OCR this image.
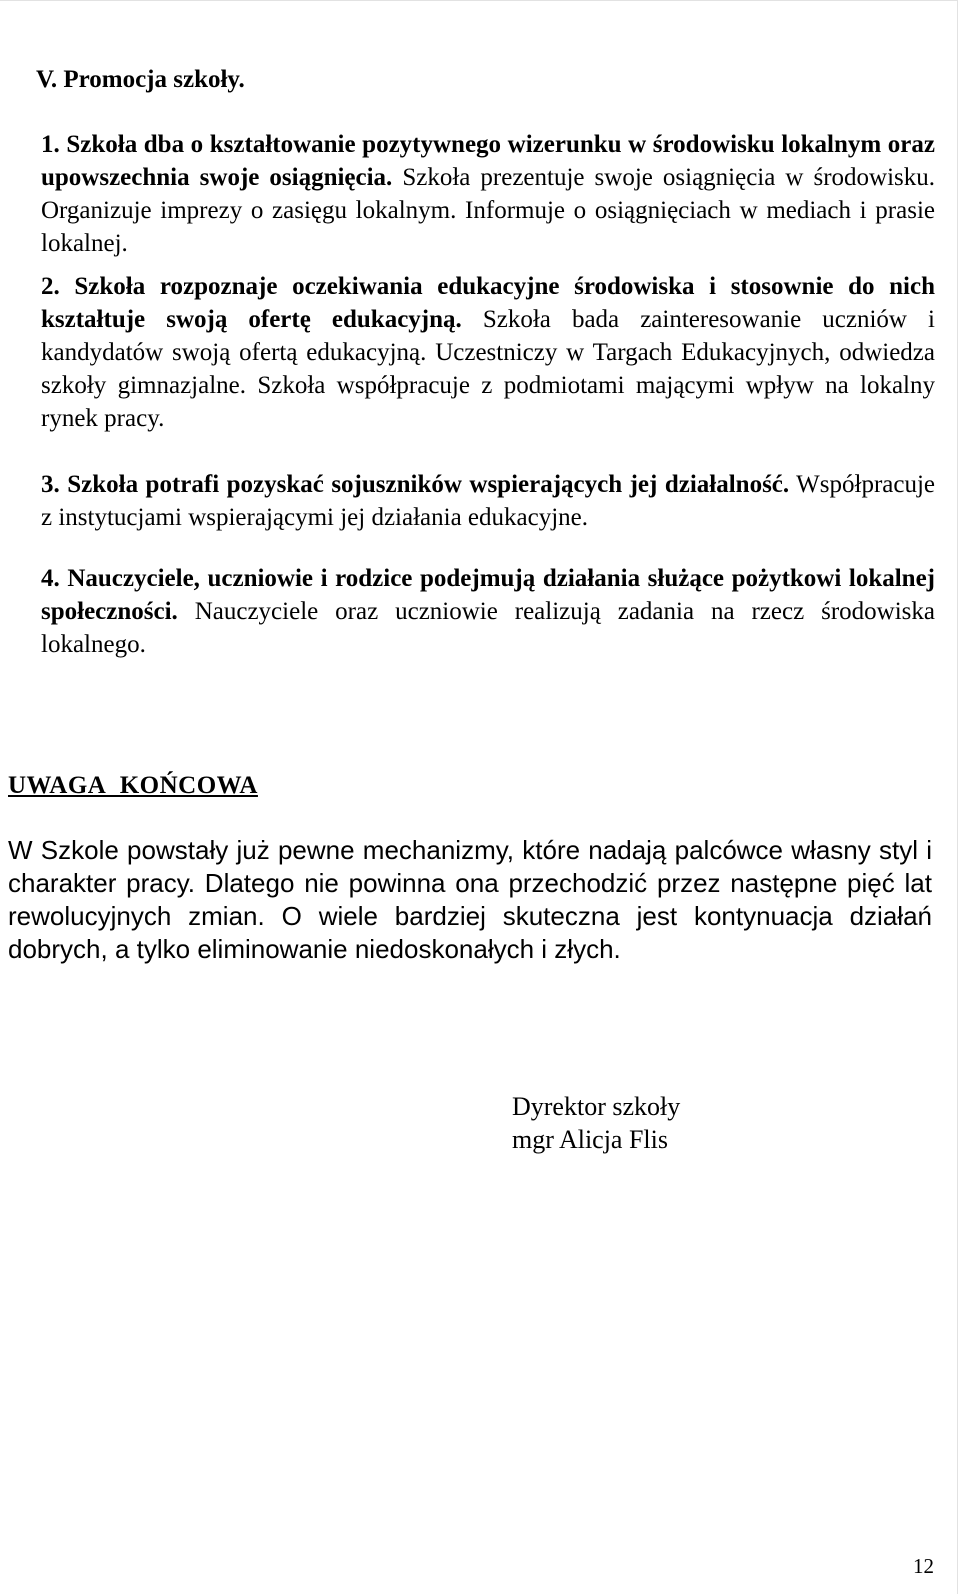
V. Promocja szkoły.

1. Szkoła dba o kształtowanie pozytywnego wizerunku w środowisku lokalnym oraz upowszechnia swoje osiągnięcia. Szkoła prezentuje swoje osiągnięcia w środowisku. Organizuje imprezy o zasięgu lokalnym. Informuje o osiągnięciach w mediach i prasie lokalnej.

2. Szkoła rozpoznaje oczekiwania edukacyjne środowiska i stosownie do nich kształtuje swoją ofertę edukacyjną. Szkoła bada zainteresowanie uczniów i kandydatów swoją ofertą edukacyjną. Uczestniczy w Targach Edukacyjnych, odwiedza szkoły gimnazjalne. Szkoła współpracuje z podmiotami mającymi wpływ na lokalny rynek pracy.

3. Szkoła potrafi pozyskać sojuszników wspierających jej działalność. Współpracuje z instytucjami wspierającymi jej działania edukacyjne.

4. Nauczyciele, uczniowie i rodzice podejmują działania służące pożytkowi lokalnej społeczności. Nauczyciele oraz uczniowie realizują zadania na rzecz środowiska lokalnego.

UWAGA KOŃCOWA

W Szkole powstały już pewne mechanizmy, które nadają palcówce własny styl i charakter pracy. Dlatego nie powinna ona przechodzić przez następne pięć lat rewolucyjnych zmian. O wiele bardziej skuteczna jest kontynuacja działań dobrych, a tylko eliminowanie niedoskonałych i złych.

Dyrektor szkoły
mgr Alicja Flis
12
